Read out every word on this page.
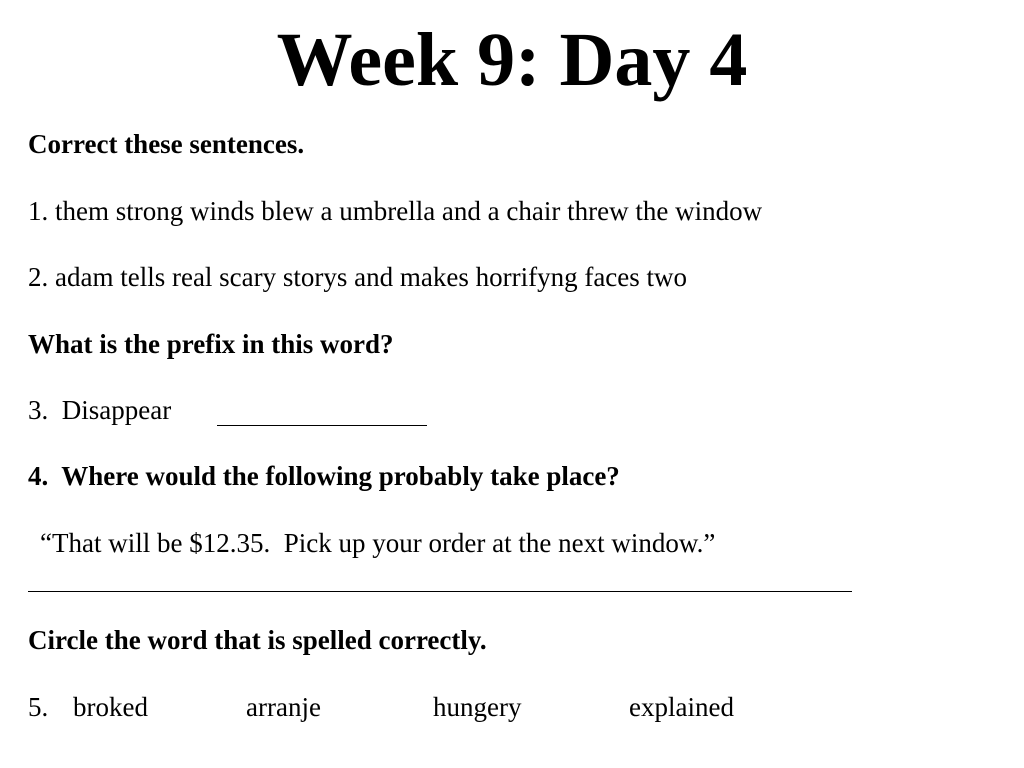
Week 9: Day 4
Correct these sentences.
1. them strong winds blew a umbrella and a chair threw the window
2. adam tells real scary storys and makes horrifyng faces two
What is the prefix in this word?
3.  Disappear
4.  Where would the following probably take place?
“That will be $12.35.  Pick up your order at the next window.”
Circle the word that is spelled correctly.
5. broked	arranje	hungery	explained
